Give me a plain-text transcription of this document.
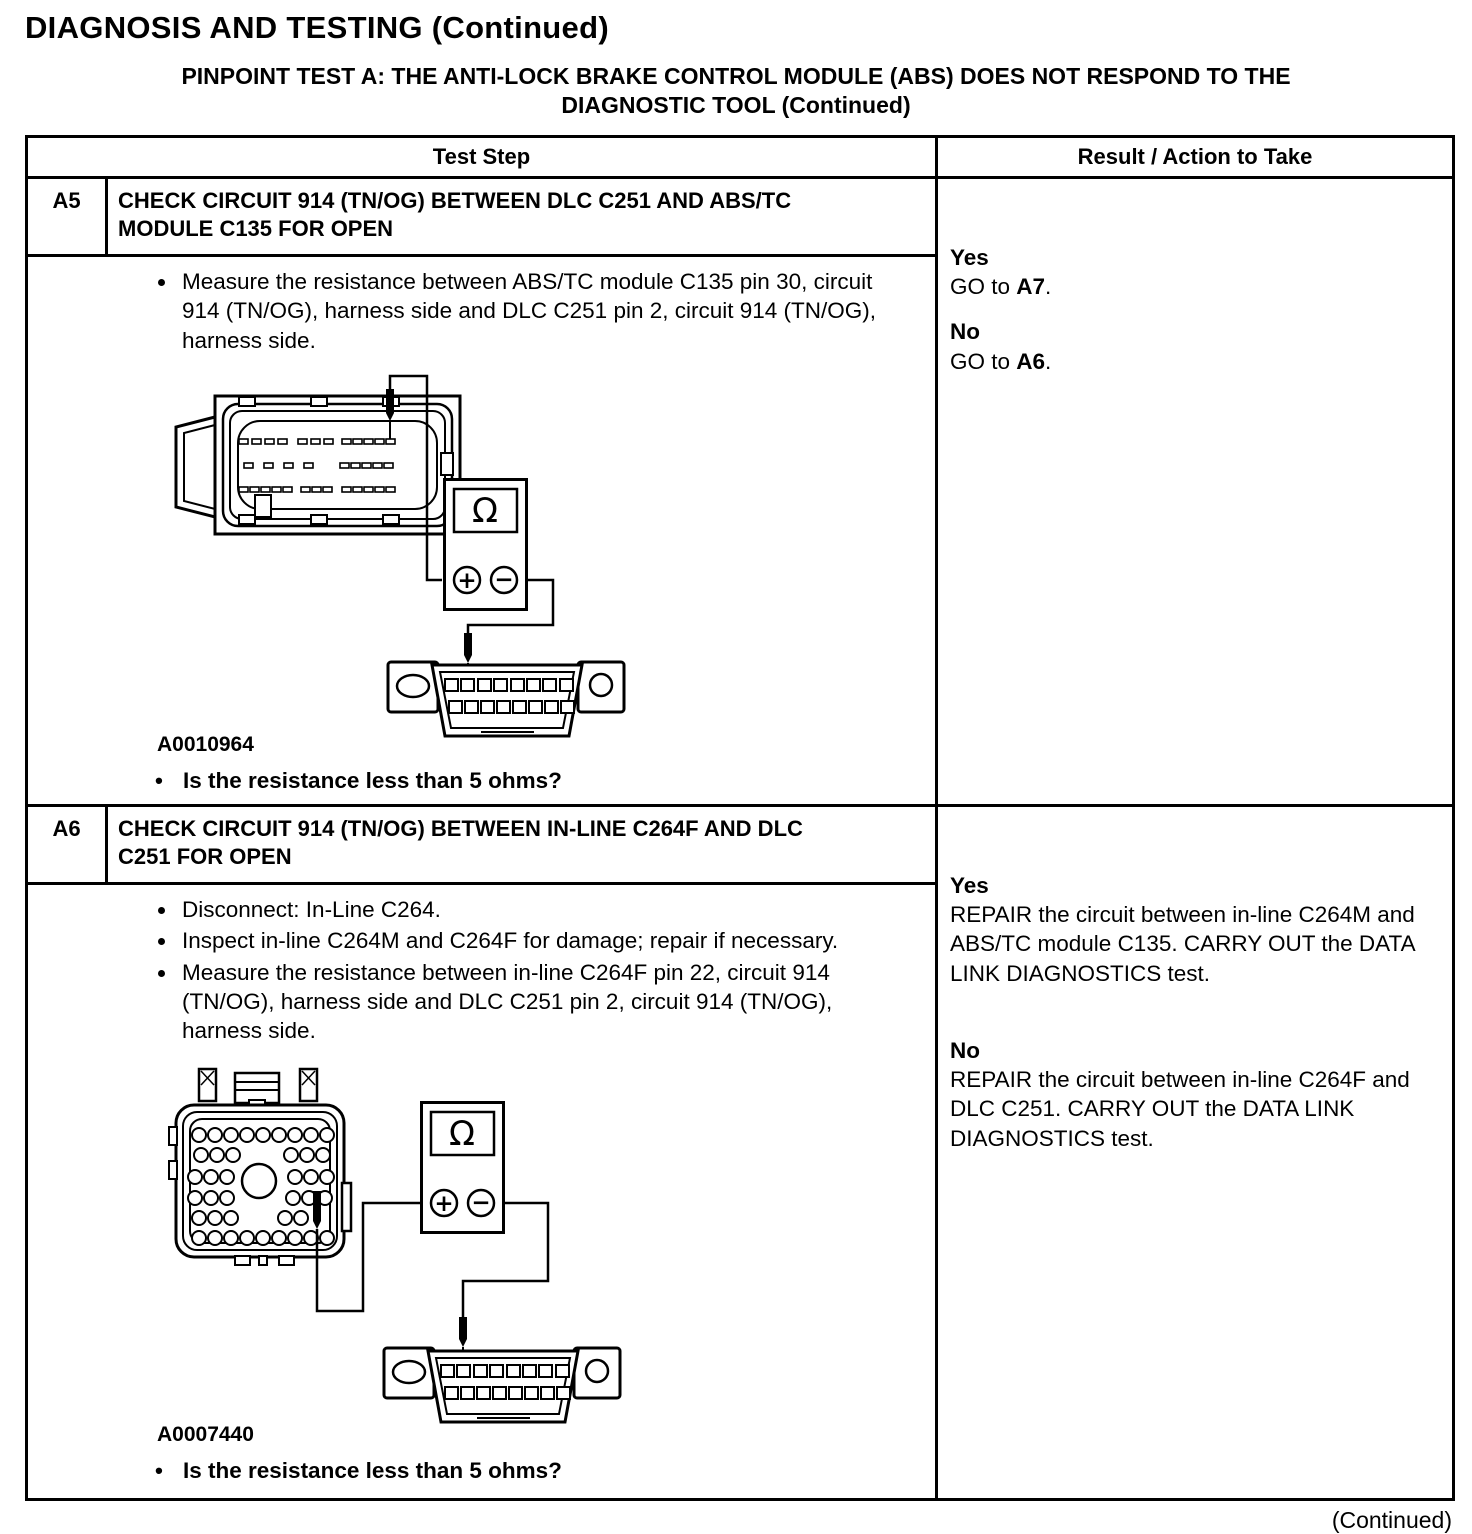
DIAGNOSIS AND TESTING (Continued)
PINPOINT TEST A: THE ANTI-LOCK BRAKE CONTROL MODULE (ABS) DOES NOT RESPOND TO THE DIAGNOSTIC TOOL (Continued)
Test Step		Result / Action to Take
A5	CHECK CIRCUIT 914 (TN/OG) BETWEEN DLC C251 AND ABS/TC MODULE C135 FOR OPEN	Yes
GO to A7.
No
GO to A6.

• Measure the resistance between ABS/TC module C135 pin 30, circuit 914 (TN/OG), harness side and DLC C251 pin 2, circuit 914 (TN/OG), harness side.
A0010964
• Is the resistance less than 5 ohms?

A6	CHECK CIRCUIT 914 (TN/OG) BETWEEN IN-LINE C264F AND DLC C251 FOR OPEN	Yes
REPAIR the circuit between in-line C264M and ABS/TC module C135. CARRY OUT the DATA LINK DIAGNOSTICS test.
No
REPAIR the circuit between in-line C264F and DLC C251. CARRY OUT the DATA LINK DIAGNOSTICS test.

• Disconnect: In-Line C264.
• Inspect in-line C264M and C264F for damage; repair if necessary.
• Measure the resistance between in-line C264F pin 22, circuit 914 (TN/OG), harness side and DLC C251 pin 2, circuit 914 (TN/OG), harness side.
A0007440
• Is the resistance less than 5 ohms?
(Continued)
